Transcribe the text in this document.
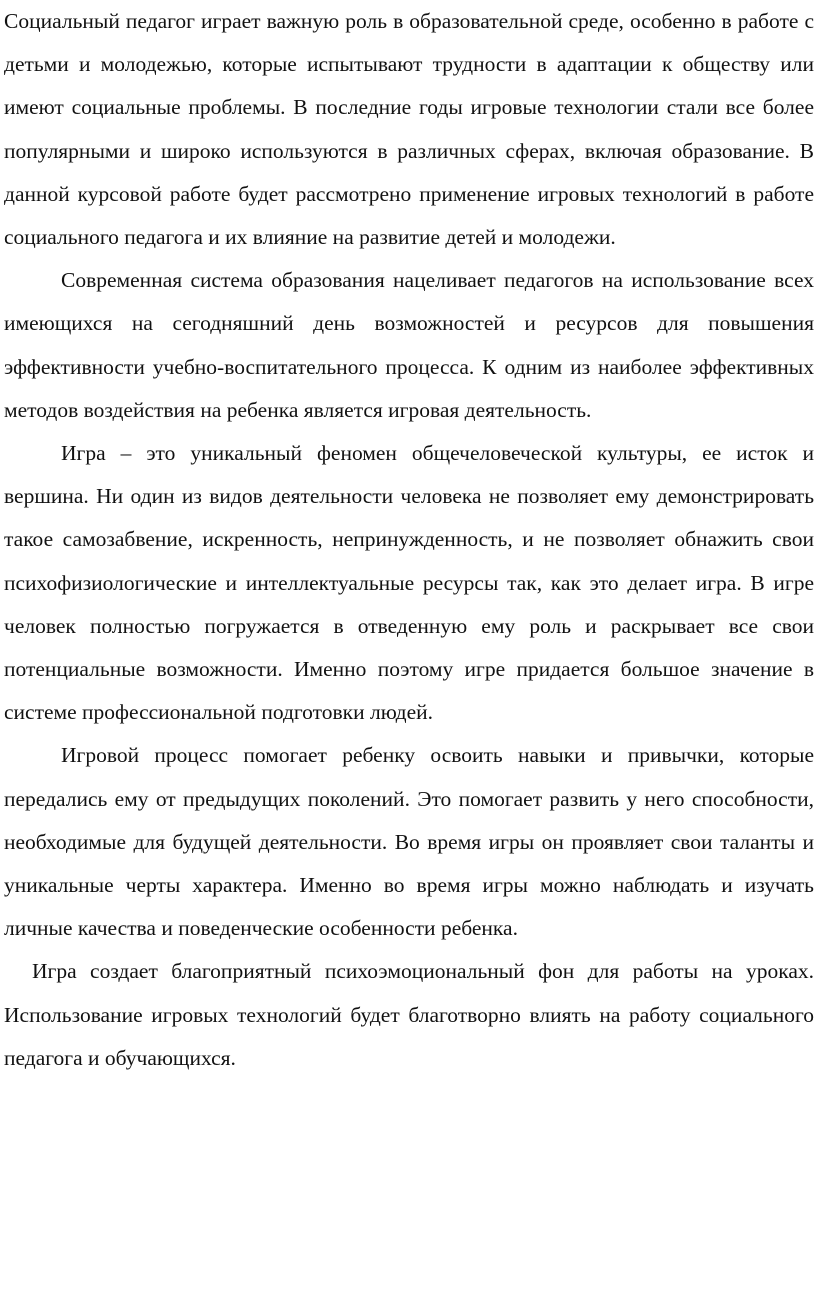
Социальный педагог играет важную роль в образовательной среде, особенно в работе с детьми и молодежью, которые испытывают трудности в адаптации к обществу или имеют социальные проблемы. В последние годы игровые технологии стали все более популярными и широко используются в различных сферах, включая образование. В данной курсовой работе будет рассмотрено применение игровых технологий в работе социального педагога и их влияние на развитие детей и молодежи.

Современная система образования нацеливает педагогов на использование всех имеющихся на сегодняшний день возможностей и ресурсов для повышения эффективности учебно-воспитательного процесса. К одним из наиболее эффективных методов воздействия на ребенка является игровая деятельность.

Игра – это уникальный феномен общечеловеческой культуры, ее исток и вершина. Ни один из видов деятельности человека не позволяет ему демонстрировать такое самозабвение, искренность, непринужденность, и не позволяет обнажить свои психофизиологические и интеллектуальные ресурсы так, как это делает игра. В игре человек полностью погружается в отведенную ему роль и раскрывает все свои потенциальные возможности. Именно поэтому игре придается большое значение в системе профессиональной подготовки людей.

Игровой процесс помогает ребенку освоить навыки и привычки, которые передались ему от предыдущих поколений. Это помогает развить у него способности, необходимые для будущей деятельности. Во время игры он проявляет свои таланты и уникальные черты характера. Именно во время игры можно наблюдать и изучать личные качества и поведенческие особенности ребенка.

Игра создает благоприятный психоэмоциональный фон для работы на уроках. Использование игровых технологий будет благотворно влиять на работу социального педагога и обучающихся.
